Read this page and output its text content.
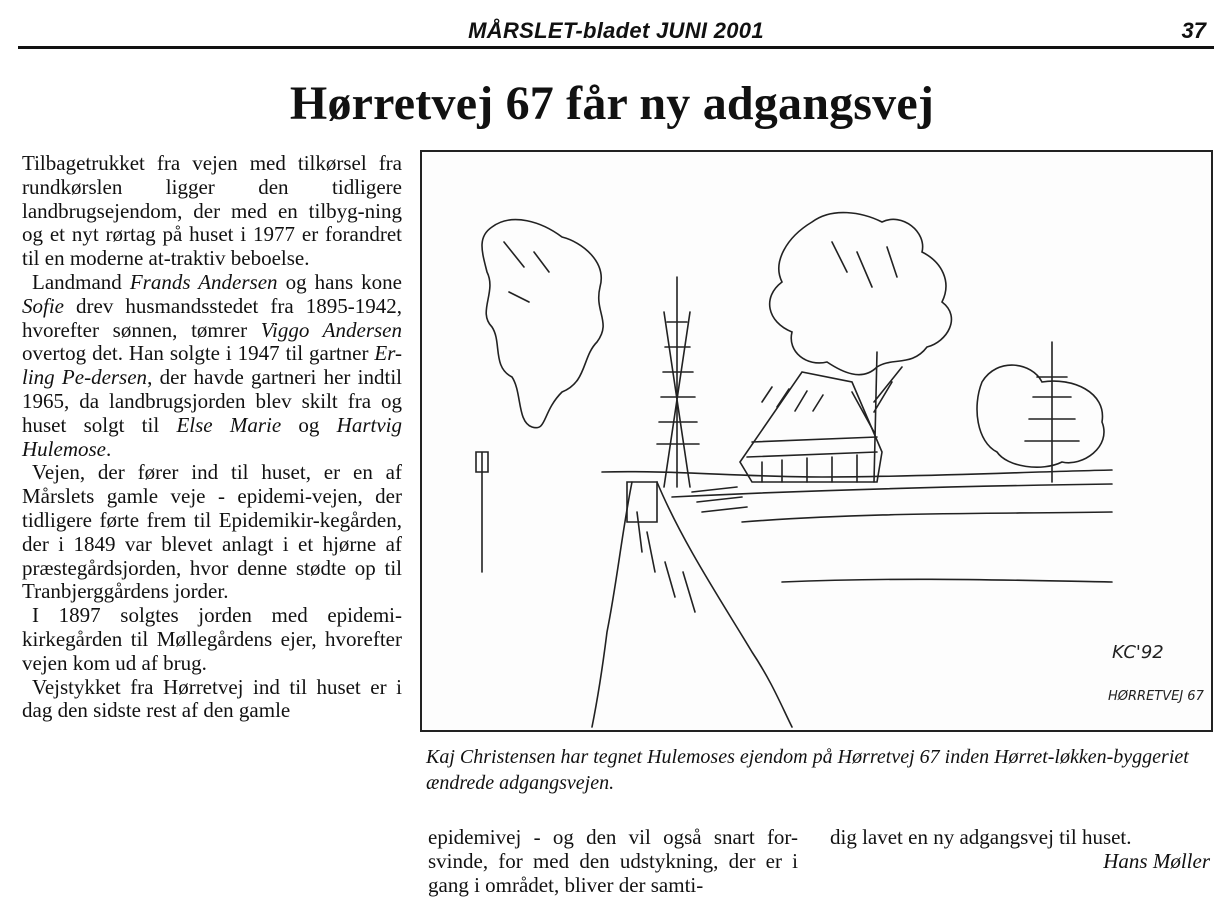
MÅRSLET-bladet JUNI 2001	37
Hørretvej 67 får ny adgangsvej

Tilbagetrukket fra vejen med tilkørsel fra rundkørslen ligger den tidligere landbrugsejendom, der med en tilbyg-ning og et nyt rørtag på huset i 1977 er forandret til en moderne at-traktiv beboelse.

Landmand Frands Andersen og hans kone Sofie drev husmandsstedet fra 1895-1942, hvorefter sønnen, tømrer Viggo Andersen overtog det. Han solgte i 1947 til gartner Er-ling Pe-dersen, der havde gartneri her indtil 1965, da landbrugsjorden blev skilt fra og huset solgt til Else Marie og Hartvig Hulemose.

Vejen, der fører ind til huset, er en af Mårslets gamle veje - epidemi-vejen, der tidligere førte frem til Epidemikir-kegården, der i 1849 var blevet anlagt i et hjørne af præstegårdsjorden, hvor denne stødte op til Tranbjerggårdens jorder.

I 1897 solgtes jorden med epidemi-kirkegården til Møllegårdens ejer, hvorefter vejen kom ud af brug.

Vejstykket fra Hørretvej ind til huset er i dag den sidste rest af den gamle

KC'92
HØRRETVEJ 67
Kaj Christensen har tegnet Hulemoses ejendom på Hørretvej 67 inden Hørret-løkken-byggeriet ændrede adgangsvejen.

epidemivej - og den vil også snart for-svinde, for med den udstykning, der er i gang i området, bliver der samti-

dig lavet en ny adgangsvej til huset.

Hans Møller
